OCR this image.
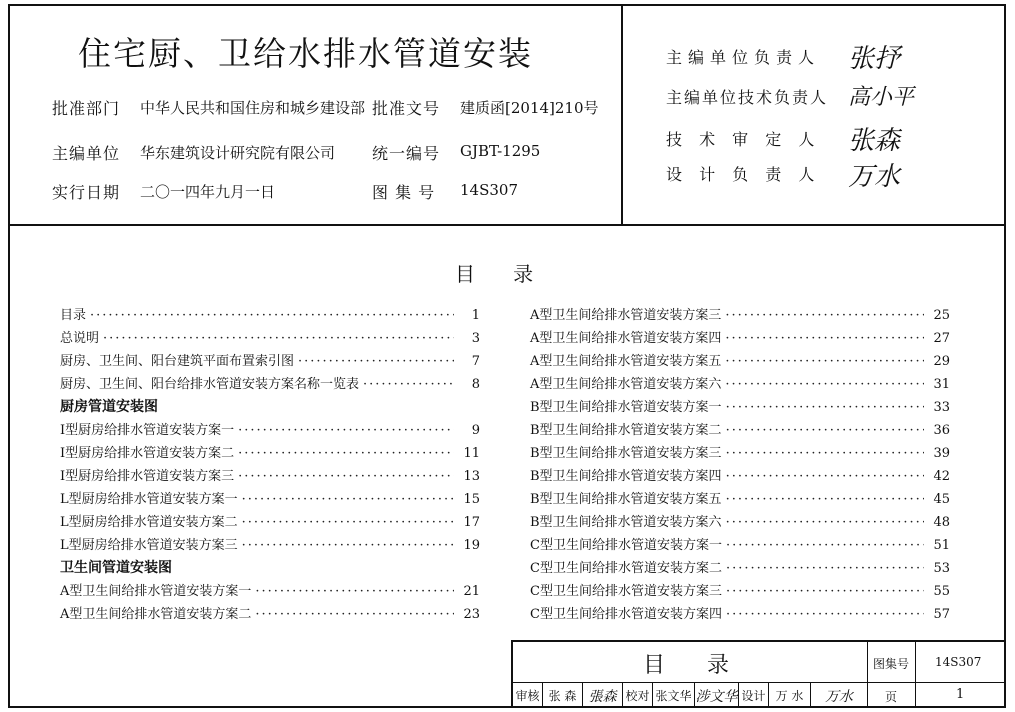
住宅厨、卫给水排水管道安装
批准部门 中华人民共和国住房和城乡建设部 批准文号 建质函[2014]210号
主编单位 华东建筑设计研究院有限公司 统一编号 GJBT-1295
实行日期 二〇一四年九月一日	图 集 号 14S307
主编单位负责人 张抒
主编单位技术负责人 高小平
技 术 审 定 人 张森
设 计 负 责 人 万水
目      录
目录 ·····	1
总说明 ·····	3
厨房、卫生间、阳台建筑平面布置索引图 ·····	7
厨房、卫生间、阳台给排水管道安装方案名称一览表 ·····	8
厨房管道安装图
I型厨房给排水管道安装方案一 ·····	9
I型厨房给排水管道安装方案二 ·····	11
I型厨房给排水管道安装方案三 ·····	13
L型厨房给排水管道安装方案一 ·····	15
L型厨房给排水管道安装方案二 ·····	17
L型厨房给排水管道安装方案三 ·····	19
卫生间管道安装图
A型卫生间给排水管道安装方案一 ·····	21
A型卫生间给排水管道安装方案二 ·····	23
A型卫生间给排水管道安装方案三 ·····	25
A型卫生间给排水管道安装方案四 ·····	27
A型卫生间给排水管道安装方案五 ·····	29
A型卫生间给排水管道安装方案六 ·····	31
B型卫生间给排水管道安装方案一 ·····	33
B型卫生间给排水管道安装方案二 ·····	36
B型卫生间给排水管道安装方案三 ·····	39
B型卫生间给排水管道安装方案四 ·····	42
B型卫生间给排水管道安装方案五 ·····	45
B型卫生间给排水管道安装方案六 ·····	48
C型卫生间给排水管道安装方案一 ·····	51
C型卫生间给排水管道安装方案二 ·····	53
C型卫生间给排水管道安装方案三 ·····	55
C型卫生间给排水管道安装方案四 ·····	57
目      录	图集号 14S307
页	1
审核 张 森 張森 校对 张文华 涉文华 设计 万 水	万水
